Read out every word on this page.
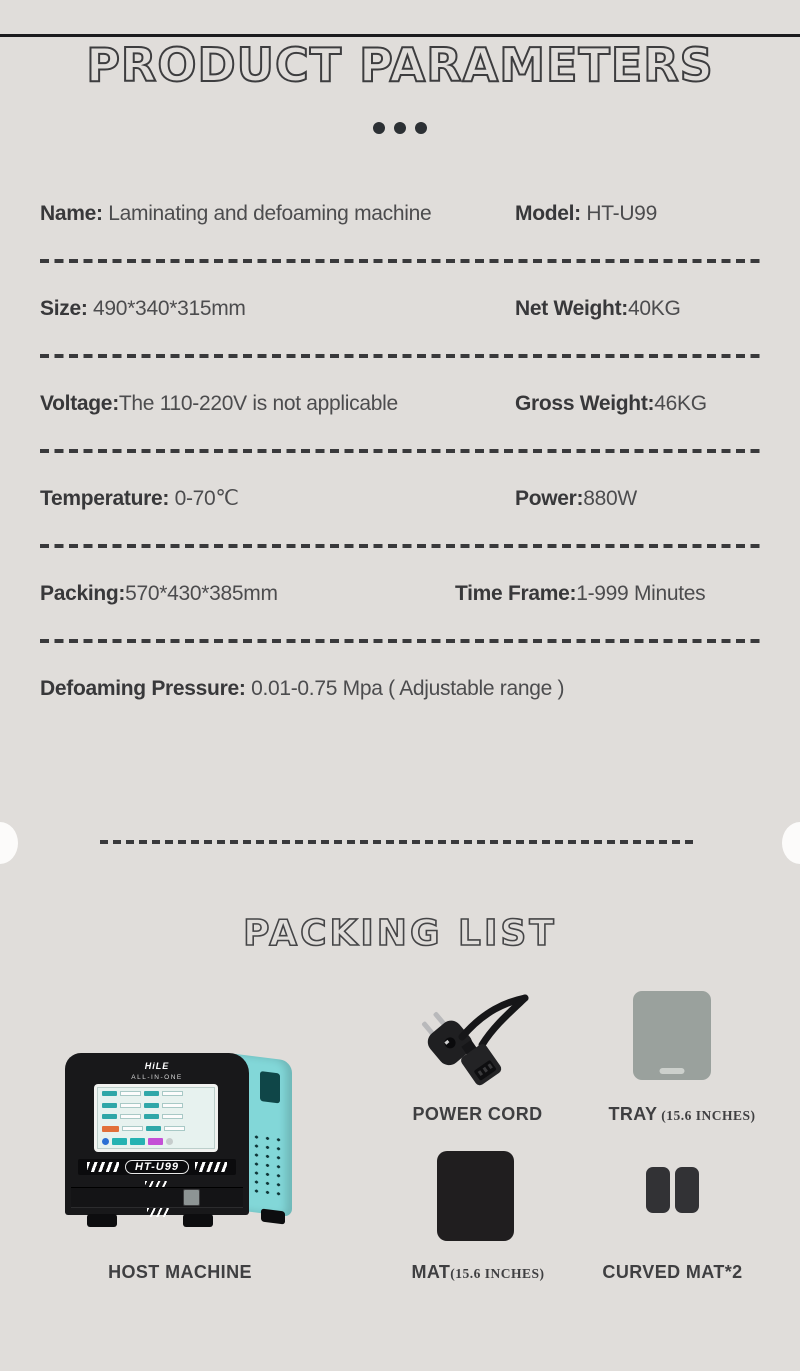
PRODUCT PARAMETERS
Name: Laminating and defoaming machine	Model: HT-U99
Size: 490*340*315mm	Net Weight:40KG
Voltage:The 110-220V is not applicable	Gross Weight:46KG
Temperature: 0-70℃	Power:880W
Packing:570*430*385mm	Time Frame:1-999 Minutes
Defoaming Pressure: 0.01-0.75 Mpa ( Adjustable range )
PACKING LIST
HiLE
ALL-IN-ONE
HT-U99
HOST MACHINE
POWER CORD	TRAY (15.6 INCHES)
MAT(15.6 INCHES)	CURVED MAT*2
